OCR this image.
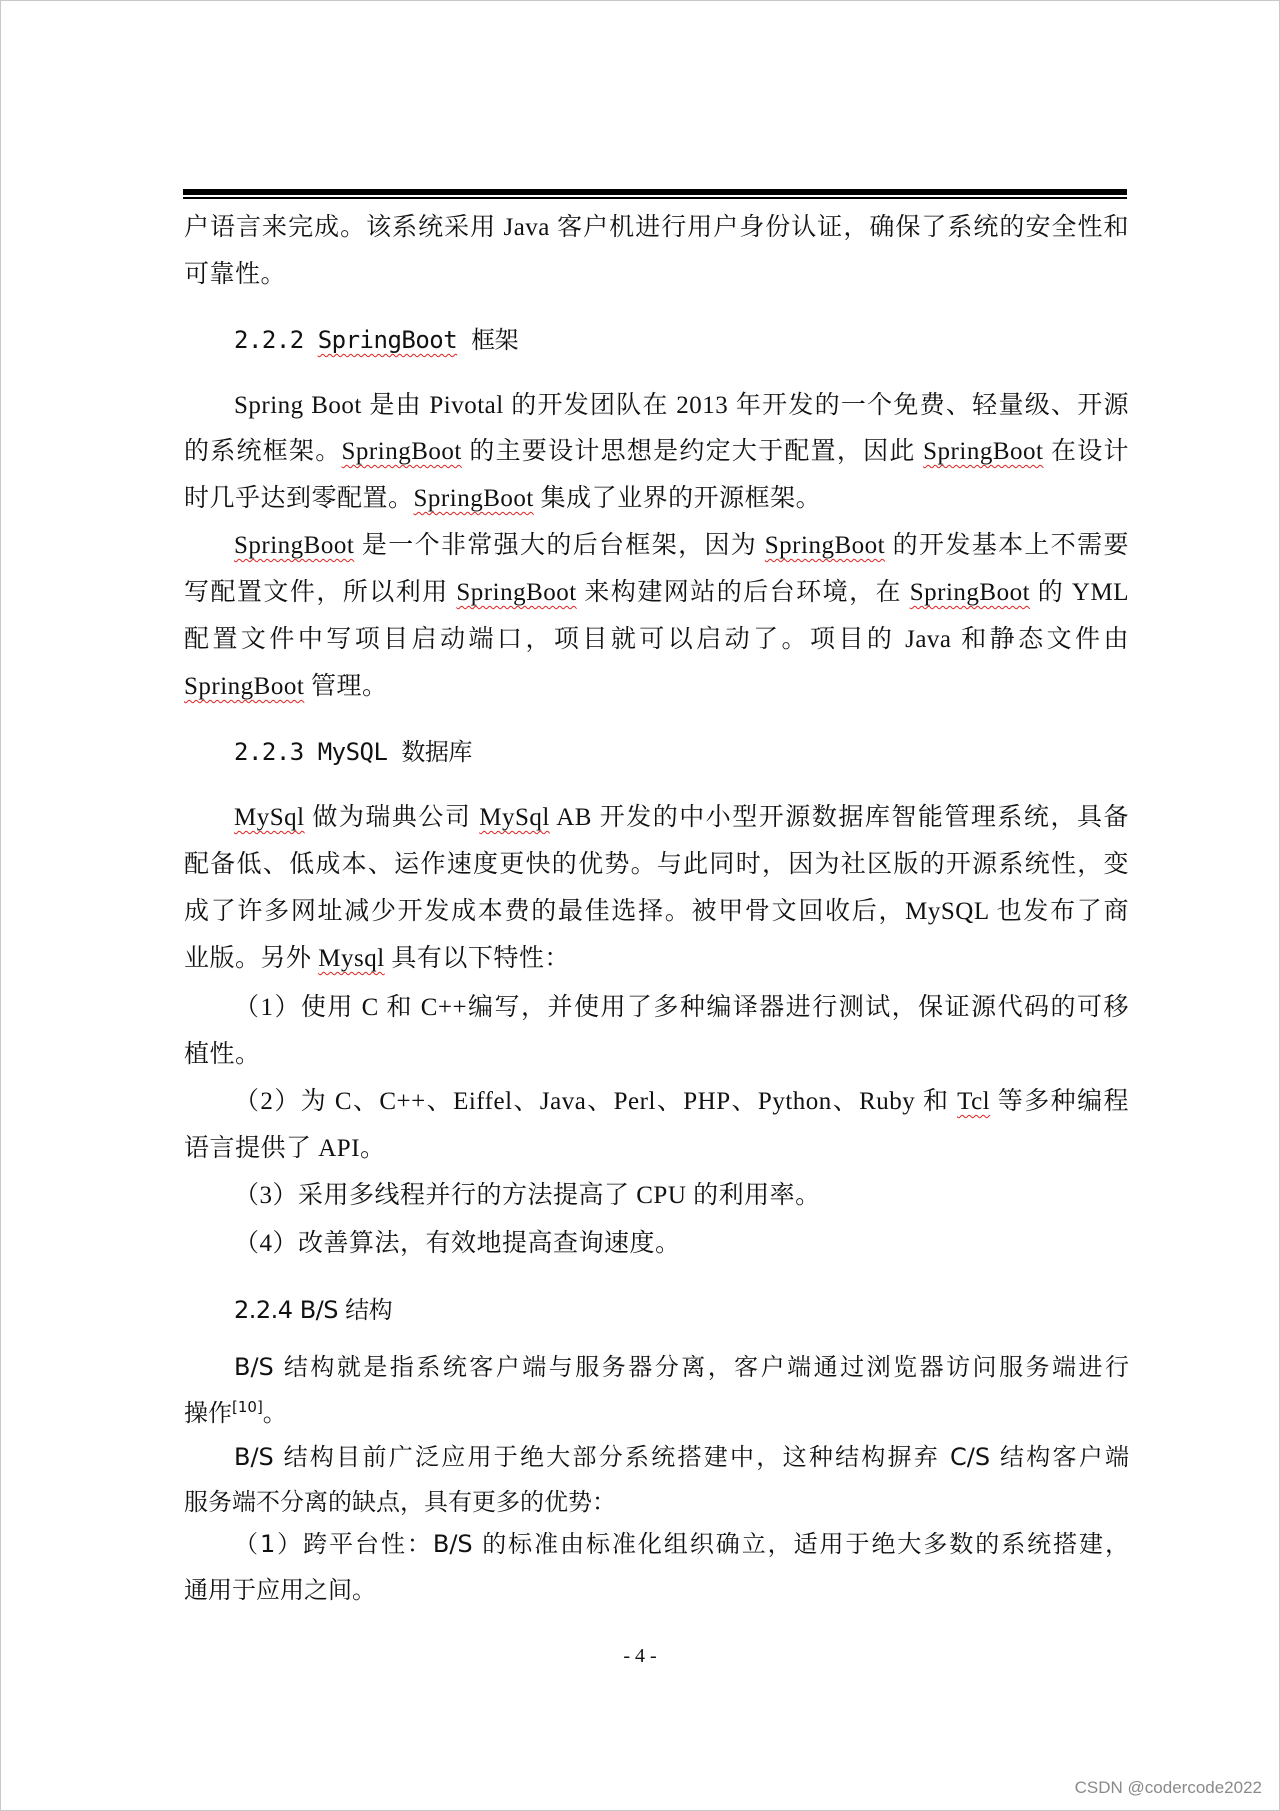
户语言来完成。该系统采用 Java 客户机进行用户身份认证，确保了系统的安全性和
可靠性。
2.2.2 SpringBoot 框架
Spring Boot 是由 Pivotal 的开发团队在 2013 年开发的一个免费、轻量级、开源
的系统框架。SpringBoot 的主要设计思想是约定大于配置，因此 SpringBoot 在设计
时几乎达到零配置。SpringBoot 集成了业界的开源框架。
SpringBoot 是一个非常强大的后台框架，因为 SpringBoot 的开发基本上不需要
写配置文件，所以利用 SpringBoot 来构建网站的后台环境，在 SpringBoot 的 YML
配置文件中写项目启动端口，项目就可以启动了。项目的 Java 和静态文件由
SpringBoot 管理。
2.2.3 MySQL 数据库
MySql 做为瑞典公司 MySql AB 开发的中小型开源数据库智能管理系统，具备
配备低、低成本、运作速度更快的优势。与此同时，因为社区版的开源系统性，变
成了许多网址减少开发成本费的最佳选择。被甲骨文回收后，MySQL 也发布了商
业版。另外 Mysql 具有以下特性：
（1）使用 C 和 C++编写，并使用了多种编译器进行测试，保证源代码的可移
植性。
（2）为 C、C++、Eiffel、Java、Perl、PHP、Python、Ruby 和 Tcl 等多种编程
语言提供了 API。
（3）采用多线程并行的方法提高了 CPU 的利用率。
（4）改善算法，有效地提高查询速度。
2.2.4 B/S 结构
B/S 结构就是指系统客户端与服务器分离，客户端通过浏览器访问服务端进行
操作[10]。
B/S 结构目前广泛应用于绝大部分系统搭建中，这种结构摒弃 C/S 结构客户端
服务端不分离的缺点，具有更多的优势：
（1）跨平台性：B/S 的标准由标准化组织确立，适用于绝大多数的系统搭建，
通用于应用之间。
- 4 -
CSDN @codercode2022
